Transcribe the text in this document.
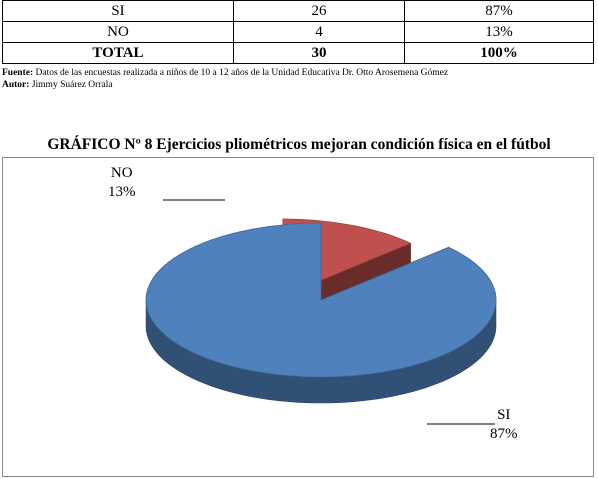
SI	26	87%
NO	4	13%
TOTAL	30	100%
Fuente: Datos de las encuestas realizada a niños de 10 a 12 años de la Unidad Educativa Dr. Otto Arosemena Gómez
Autor: Jimmy Suárez Orrala
GRÁFICO Nº 8 Ejercicios pliométricos mejoran condición física en el fútbol
NO
13%
SI
87%
